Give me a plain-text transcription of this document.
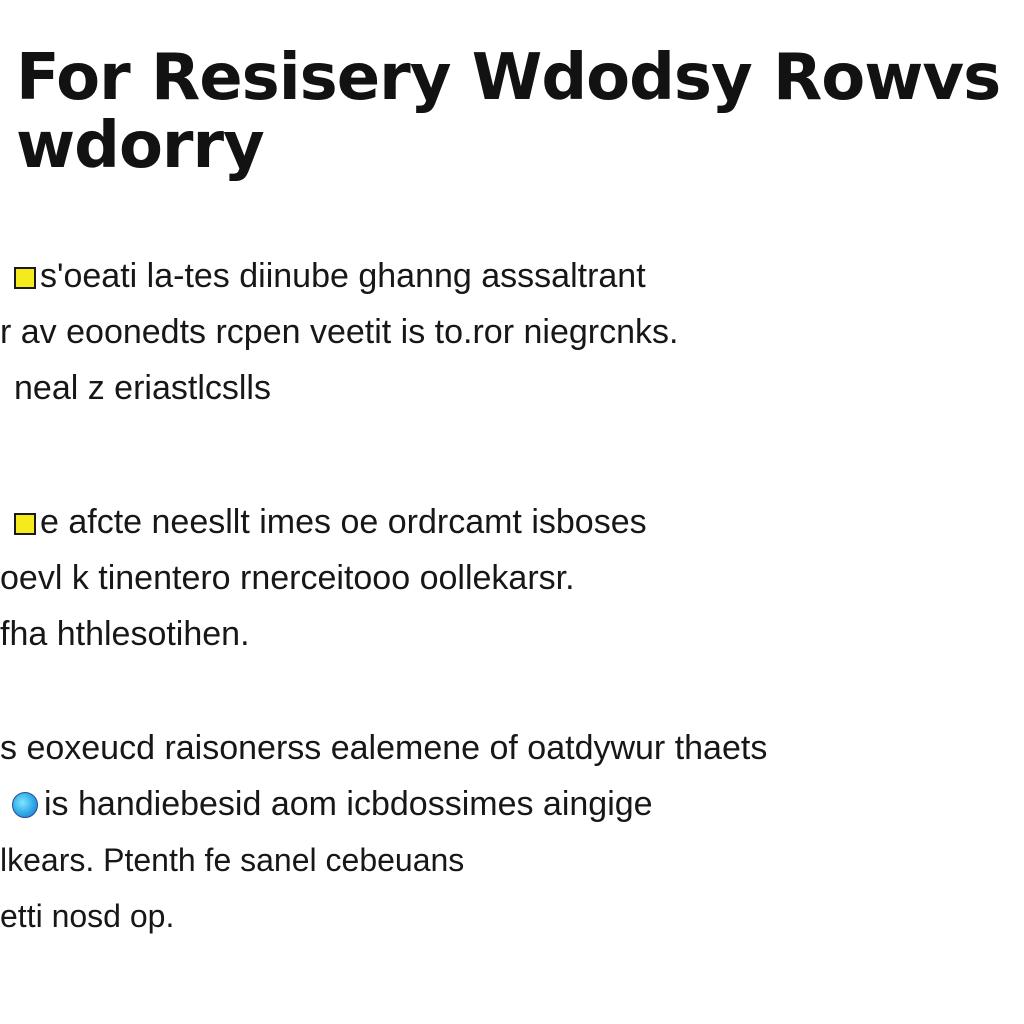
For Resisery Wdodsy Rowvs
wdorry
s'oeati la-tes diinube ghanng asssaltrant
r av eoonedts rcpen veetit is to.ror niegrcnks.
neal z eriastlcslls
e afcte neesllt imes oe ordrcamt isboses
oevl k tinentero rnerceitooo oollekarsr.
fha hthlesotihen.
s eoxeucd raisonerss ealemene of oatdywur thaets
is handiebesid aom icbdossimes aingige
lkears. Ptenth fe sanel cebeuans
etti nosd op.
